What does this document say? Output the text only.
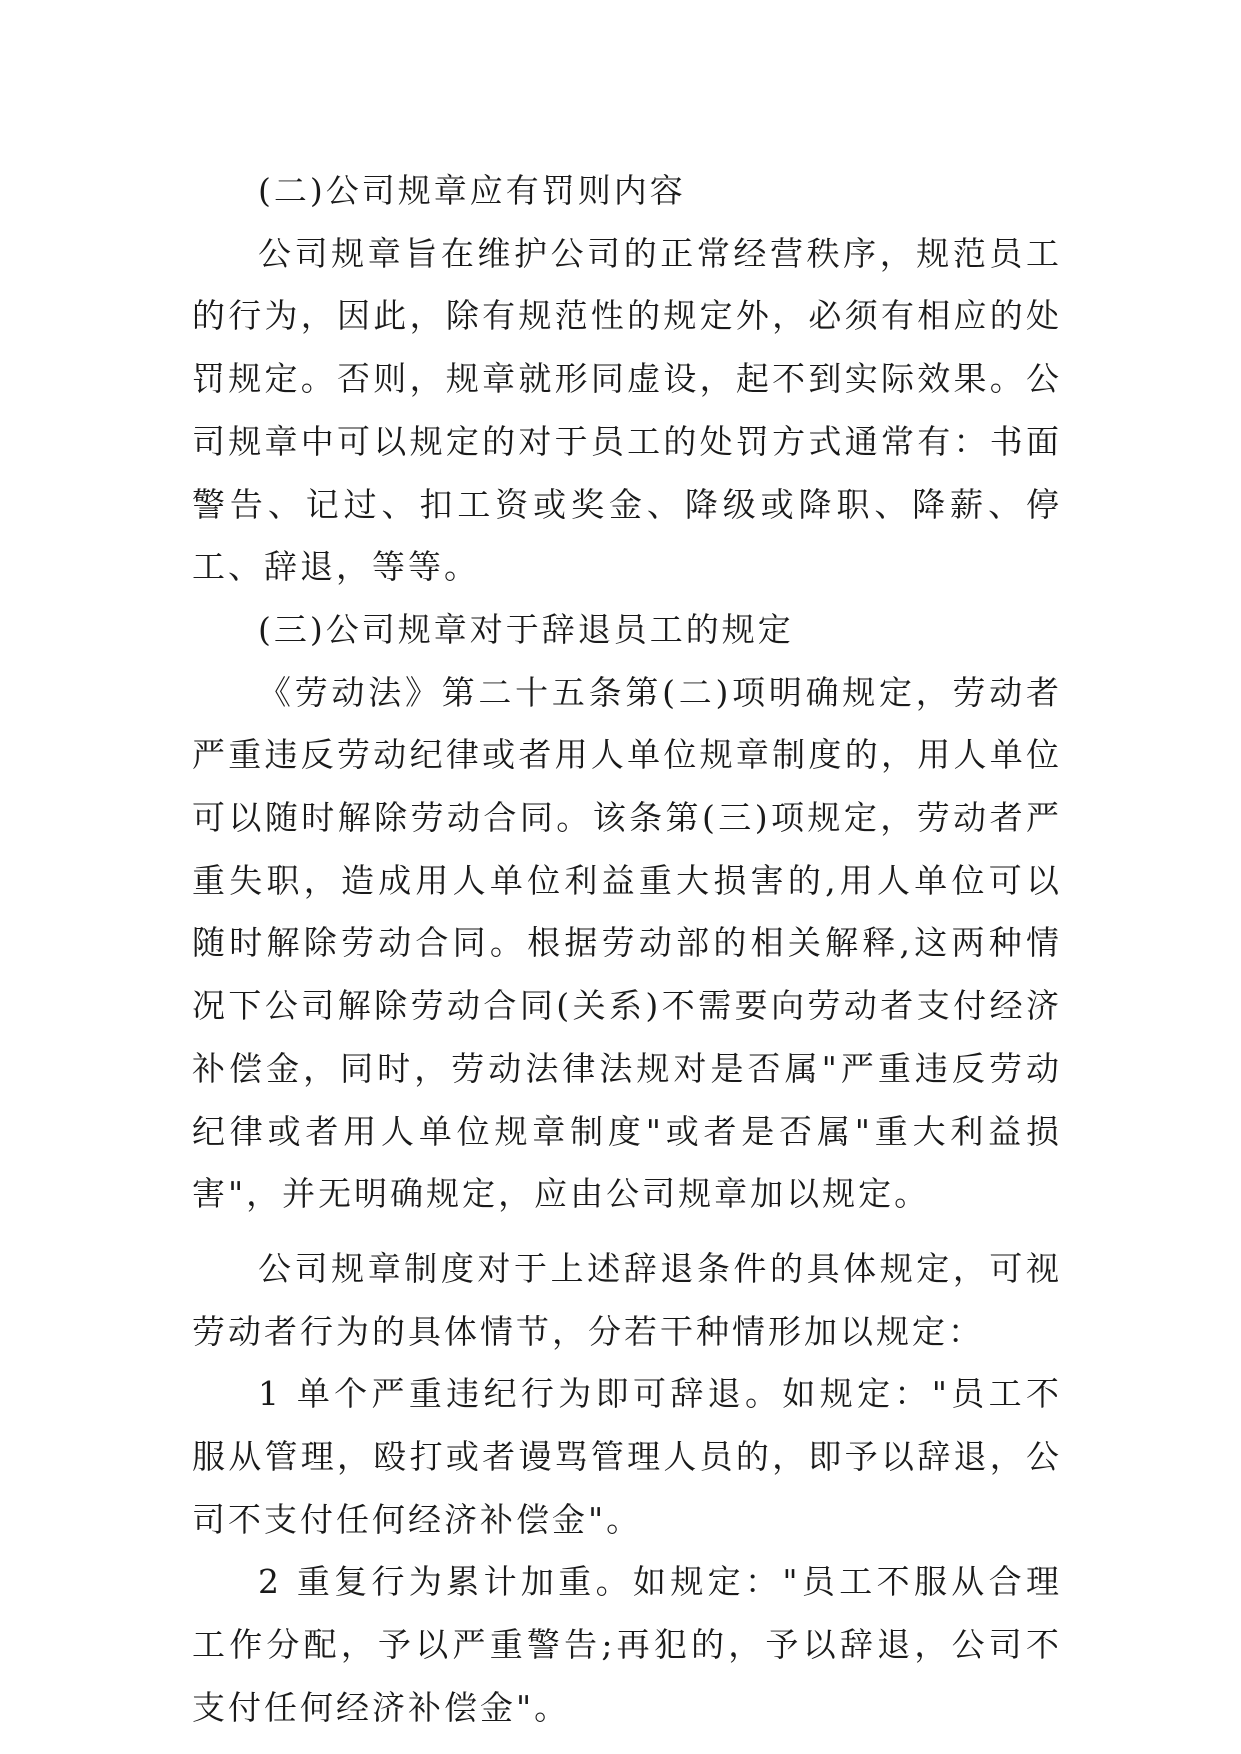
(二)公司规章应有罚则内容

公司规章旨在维护公司的正常经营秩序，规范员工的行为，因此，除有规范性的规定外，必须有相应的处罚规定。否则，规章就形同虚设，起不到实际效果。公司规章中可以规定的对于员工的处罚方式通常有：书面警告、记过、扣工资或奖金、降级或降职、降薪、停工、辞退，等等。

(三)公司规章对于辞退员工的规定

《劳动法》第二十五条第(二)项明确规定，劳动者严重违反劳动纪律或者用人单位规章制度的，用人单位可以随时解除劳动合同。该条第(三)项规定，劳动者严重失职，造成用人单位利益重大损害的,用人单位可以随时解除劳动合同。根据劳动部的相关解释,这两种情况下公司解除劳动合同(关系)不需要向劳动者支付经济补偿金，同时，劳动法律法规对是否属"严重违反劳动纪律或者用人单位规章制度"或者是否属"重大利益损害"，并无明确规定，应由公司规章加以规定。

公司规章制度对于上述辞退条件的具体规定，可视劳动者行为的具体情节，分若干种情形加以规定：

1 单个严重违纪行为即可辞退。如规定："员工不服从管理，殴打或者谩骂管理人员的，即予以辞退，公司不支付任何经济补偿金"。

2 重复行为累计加重。如规定："员工不服从合理工作分配，予以严重警告;再犯的，予以辞退，公司不支付任何经济补偿金"。
